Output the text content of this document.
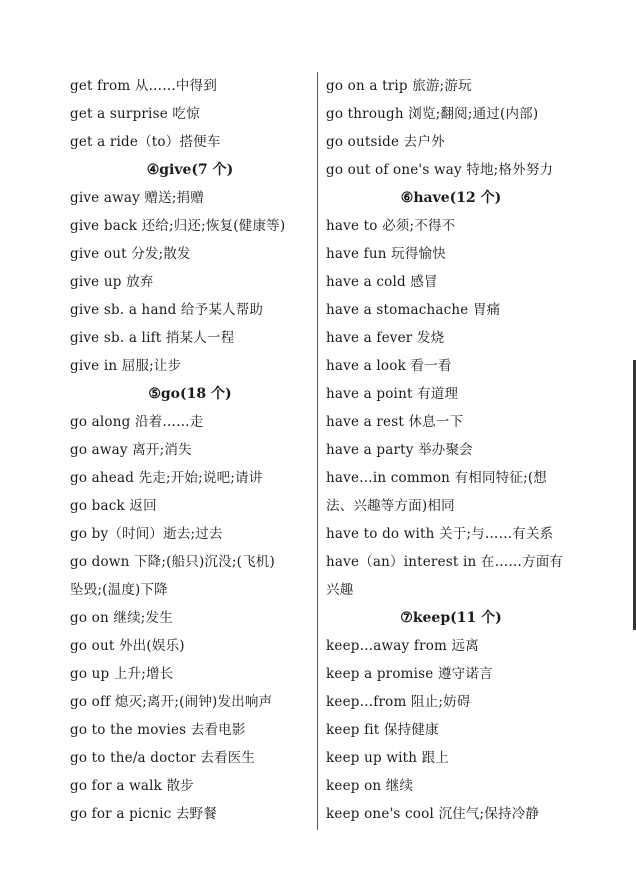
get from 从……中得到
get a surprise 吃惊
get a ride（to）搭便车
④give(7 个)
give away 赠送;捐赠
give back 还给;归还;恢复(健康等)
give out 分发;散发
give up 放弃
give sb. a hand 给予某人帮助
give sb. a lift 捎某人一程
give in 屈服;让步
⑤go(18 个)
go along 沿着……走
go away 离开;消失
go ahead 先走;开始;说吧;请讲
go back 返回
go by（时间）逝去;过去
go down 下降;(船只)沉没;(飞机)
坠毁;(温度)下降
go on 继续;发生
go out 外出(娱乐)
go up 上升;增长
go off 熄灭;离开;(闹钟)发出响声
go to the movies 去看电影
go to the/a doctor 去看医生
go for a walk 散步
go for a picnic 去野餐
go on a trip 旅游;游玩
go through 浏览;翻阅;通过(内部)
go outside 去户外
go out of one's way 特地;格外努力
⑥have(12 个)
have to 必须;不得不
have fun 玩得愉快
have a cold 感冒
have a stomachache 胃痛
have a fever 发烧
have a look 看一看
have a point 有道理
have a rest 休息一下
have a party 举办聚会
have…in common 有相同特征;(想
法、兴趣等方面)相同
have to do with 关于;与……有关系
have（an）interest in 在……方面有
兴趣
⑦keep(11 个)
keep…away from 远离
keep a promise 遵守诺言
keep…from 阻止;妨碍
keep fit 保持健康
keep up with 跟上
keep on 继续
keep one's cool 沉住气;保持冷静
